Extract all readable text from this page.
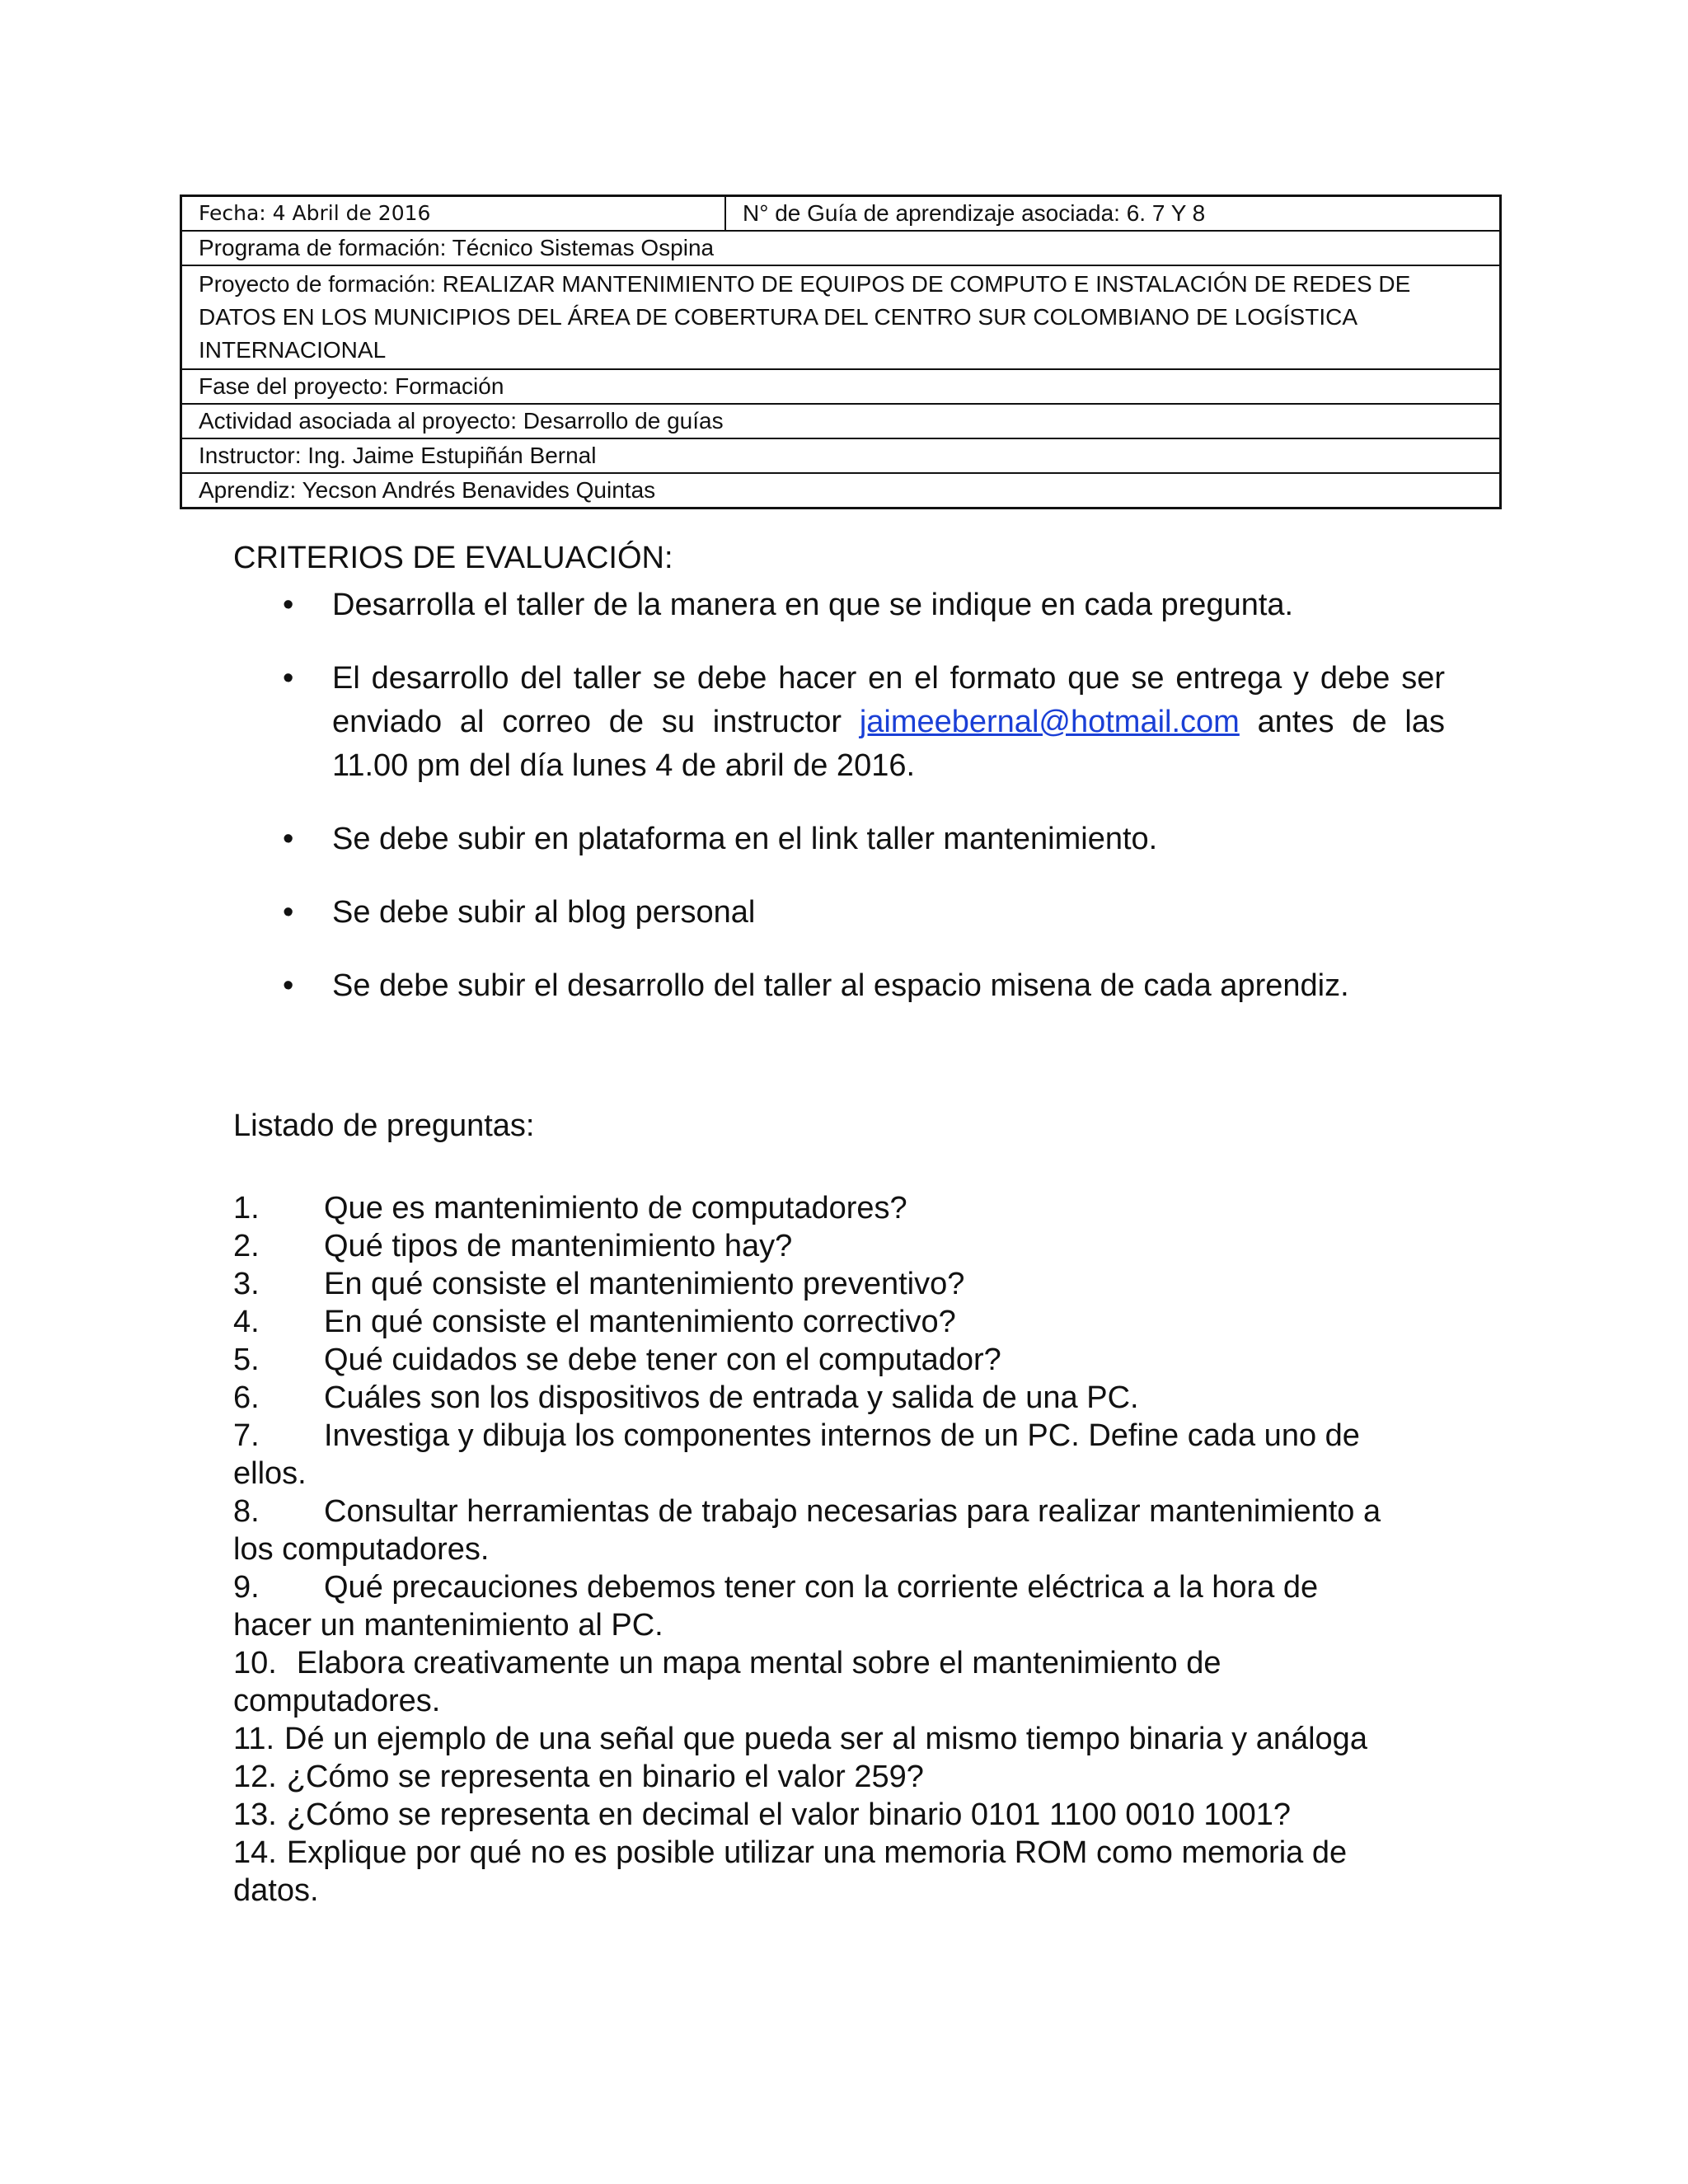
Fecha: 4 Abril de 2016	N° de Guía de aprendizaje asociada: 6. 7 Y 8
Programa de formación: Técnico Sistemas Ospina
Proyecto de formación: REALIZAR MANTENIMIENTO DE EQUIPOS DE COMPUTO E INSTALACIÓN DE REDES DE DATOS EN LOS MUNICIPIOS DEL ÁREA DE COBERTURA DEL CENTRO SUR COLOMBIANO DE LOGÍSTICA INTERNACIONAL
Fase del proyecto: Formación
Actividad asociada al proyecto: Desarrollo de guías
Instructor: Ing. Jaime Estupiñán Bernal
Aprendiz: Yecson Andrés Benavides Quintas
CRITERIOS DE EVALUACIÓN:
• Desarrolla el taller de la manera en que se indique en cada pregunta.
• El desarrollo del taller se debe hacer en el formato que se entrega y debe ser enviado al correo de su instructor jaimeebernal@hotmail.com antes de las 11.00 pm del día lunes 4 de abril de 2016.
• Se debe subir en plataforma en el link taller mantenimiento.
• Se debe subir al blog personal
• Se debe subir el desarrollo del taller al espacio misena de cada aprendiz.
Listado de preguntas:
1. Que es mantenimiento de computadores?
2. Qué tipos de mantenimiento hay?
3. En qué consiste el mantenimiento preventivo?
4. En qué consiste el mantenimiento correctivo?
5. Qué cuidados se debe tener con el computador?
6. Cuáles son los dispositivos de entrada y salida de una PC.
7. Investiga y dibuja los componentes internos de un PC. Define cada uno de
ellos.
8. Consultar herramientas de trabajo necesarias para realizar mantenimiento a
los computadores.
9. Qué precauciones debemos tener con la corriente eléctrica a la hora de
hacer un mantenimiento al PC.
10. Elabora creativamente un mapa mental sobre el mantenimiento de
computadores.
11. Dé un ejemplo de una señal que pueda ser al mismo tiempo binaria y análoga
12. ¿Cómo se representa en binario el valor 259?
13. ¿Cómo se representa en decimal el valor binario 0101 1100 0010 1001?
14. Explique por qué no es posible utilizar una memoria ROM como memoria de
datos.
